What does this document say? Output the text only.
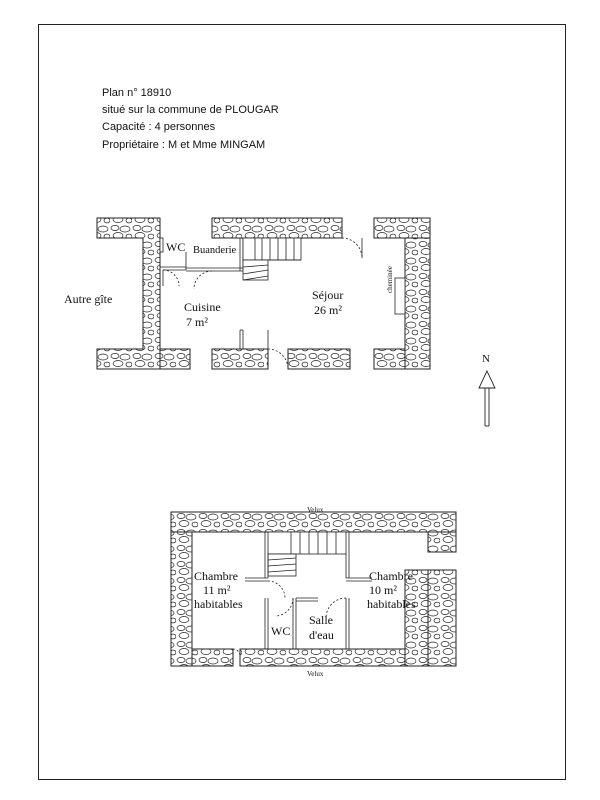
Plan n° 18910
situé sur la commune de PLOUGAR
Capacité : 4 personnes
Propriétaire : M et Mme MINGAM
WC Buanderie
Cuisine
7 m²
Séjour
26 m²
cheminée
Autre gîte
Velux
Velux
Chambre
11 m²
habitables
Chambre
10 m²
habitables
WC
Salle
d'eau
N
